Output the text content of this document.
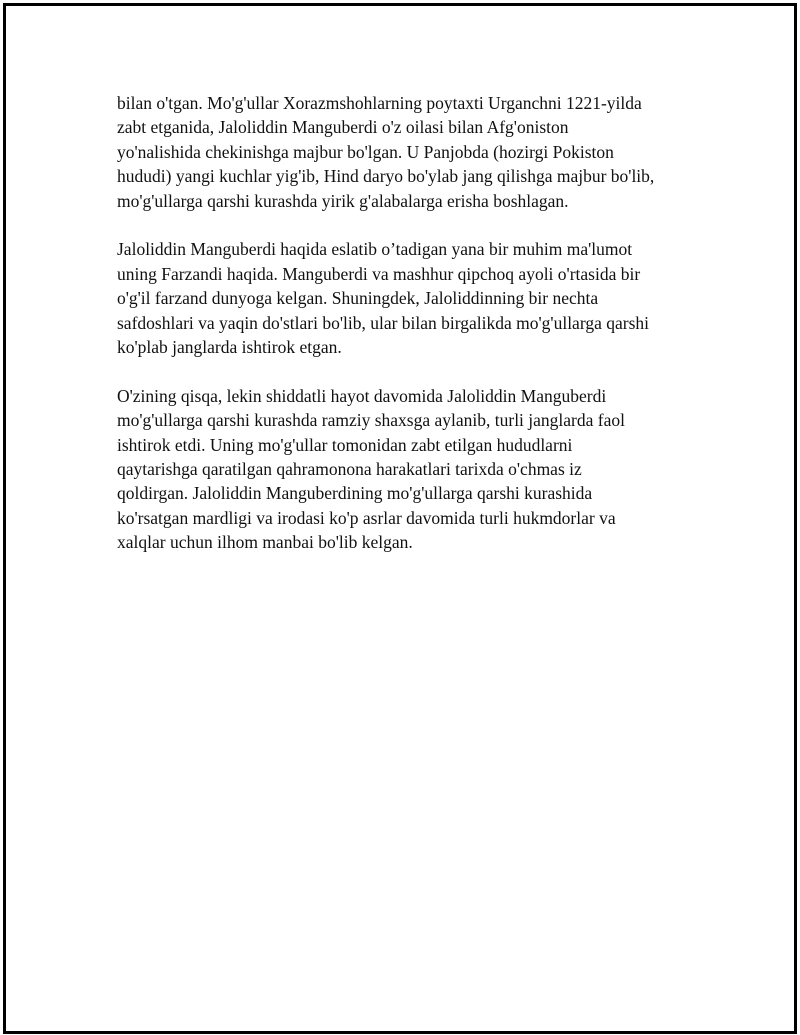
bilan o'tgan. Mo'g'ullar Xorazmshohlarning poytaxti Urganchni 1221-yilda
zabt etganida, Jaloliddin Manguberdi o'z oilasi bilan Afg'oniston
yo'nalishida chekinishga majbur bo'lgan. U Panjobda (hozirgi Pokiston
hududi) yangi kuchlar yig'ib, Hind daryo bo'ylab jang qilishga majbur bo'lib,
mo'g'ullarga qarshi kurashda yirik g'alabalarga erisha boshlagan.

Jaloliddin Manguberdi haqida eslatib o’tadigan yana bir muhim ma'lumot
uning Farzandi haqida. Manguberdi va mashhur qipchoq ayoli o'rtasida bir
o'g'il farzand dunyoga kelgan. Shuningdek, Jaloliddinning bir nechta
safdoshlari va yaqin do'stlari bo'lib, ular bilan birgalikda mo'g'ullarga qarshi
ko'plab janglarda ishtirok etgan.

O'zining qisqa, lekin shiddatli hayot davomida Jaloliddin Manguberdi
mo'g'ullarga qarshi kurashda ramziy shaxsga aylanib, turli janglarda faol
ishtirok etdi. Uning mo'g'ullar tomonidan zabt etilgan hududlarni
qaytarishga qaratilgan qahramonona harakatlari tarixda o'chmas iz
qoldirgan. Jaloliddin Manguberdining mo'g'ullarga qarshi kurashida
ko'rsatgan mardligi va irodasi ko'p asrlar davomida turli hukmdorlar va
xalqlar uchun ilhom manbai bo'lib kelgan.
